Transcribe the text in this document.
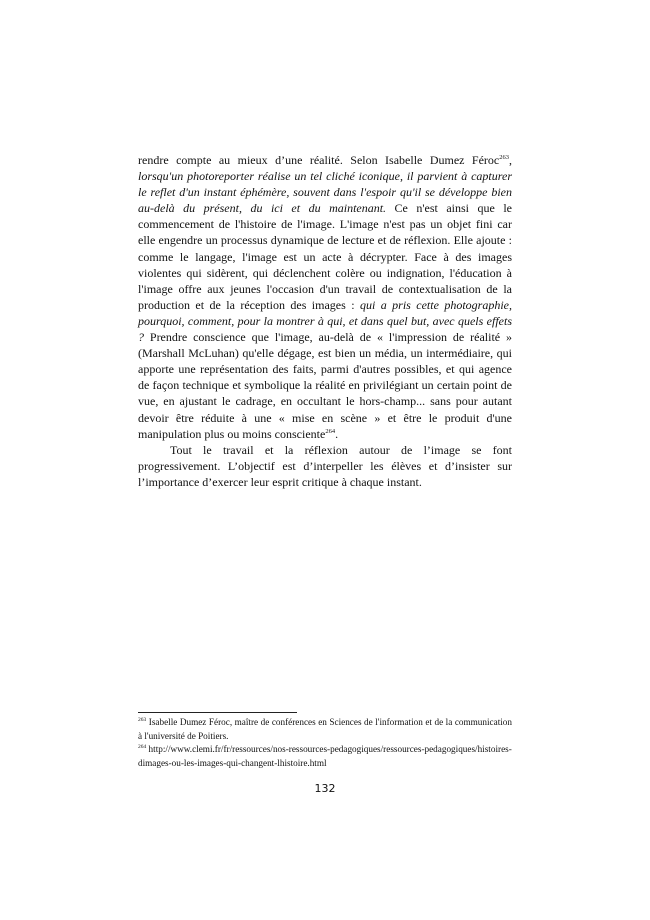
rendre compte au mieux d’une réalité. Selon Isabelle Dumez Féroc$^{263}$, lorsqu'un photoreporter réalise un tel cliché iconique, il parvient à capturer le reflet d'un instant éphémère, souvent dans l'espoir qu'il se développe bien au-delà du présent, du ici et du maintenant. Ce n'est ainsi que le commencement de l'histoire de l'image. L'image n'est pas un objet fini car elle engendre un processus dynamique de lecture et de réflexion. Elle ajoute : comme le langage, l'image est un acte à décrypter. Face à des images violentes qui sidèrent, qui déclenchent colère ou indignation, l'éducation à l'image offre aux jeunes l'occasion d'un travail de contextualisation de la production et de la réception des images : qui a pris cette photographie, pourquoi, comment, pour la montrer à qui, et dans quel but, avec quels effets ? Prendre conscience que l'image, au-delà de « l'impression de réalité » (Marshall McLuhan) qu'elle dégage, est bien un média, un intermédiaire, qui apporte une représentation des faits, parmi d'autres possibles, et qui agence de façon technique et symbolique la réalité en privilégiant un certain point de vue, en ajustant le cadrage, en occultant le hors-champ... sans pour autant devoir être réduite à une « mise en scène » et être le produit d'une manipulation plus ou moins consciente$^{264}$.

Tout le travail et la réflexion autour de l’image se font progressivement. L’objectif est d’interpeller les élèves et d’insister sur l’importance d’exercer leur esprit critique à chaque instant.

$^{263}$ Isabelle Dumez Féroc, maître de conférences en Sciences de l'information et de la communication à l'université de Poitiers.

$^{264}$ http://www.clemi.fr/fr/ressources/nos-ressources-pedagogiques/ressources-pedagogiques/histoires-dimages-ou-les-images-qui-changent-lhistoire.html

132
